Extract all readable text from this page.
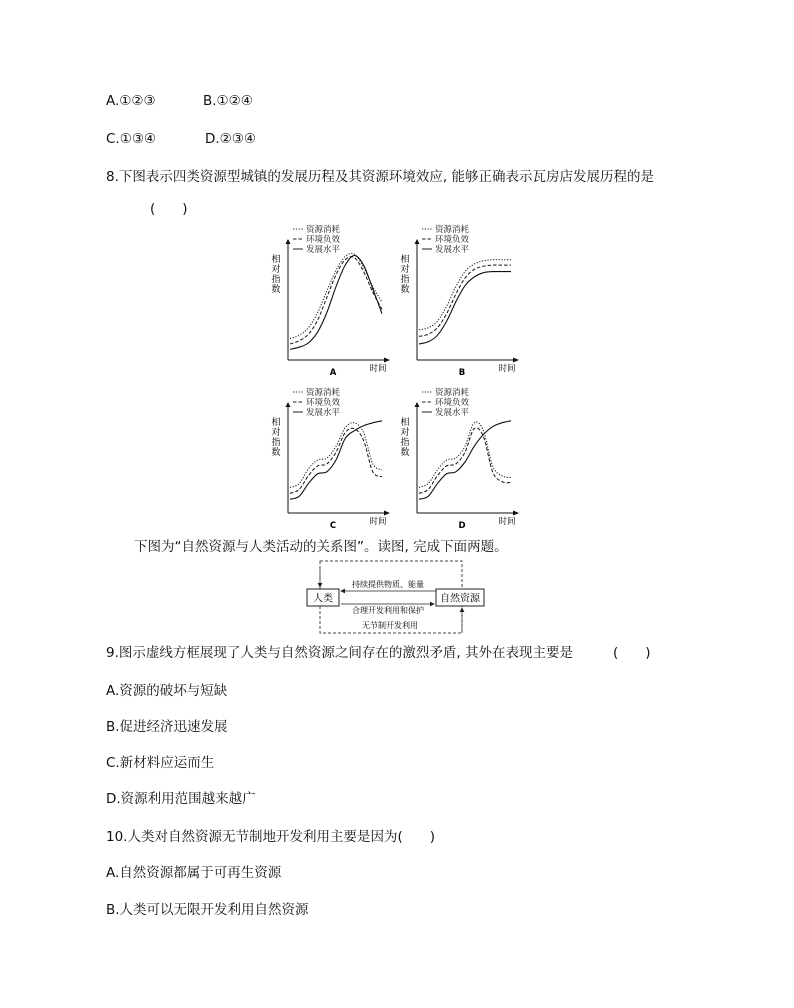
A.①②③	B.①②④
C.①③④	D.②③④
8.下图表示四类资源型城镇的发展历程及其资源环境效应, 能够正确表示瓦房店发展历程的是
(　　)
资源消耗
环境负效
发展水平
相
对
指
数
时间
A
资源消耗
环境负效
发展水平
相
对
指
数
时间
B
资源消耗
环境负效
发展水平
相
对
指
数
时间
C
资源消耗
环境负效
发展水平
相
对
指
数
时间
D
下图为“自然资源与人类活动的关系图”。读图, 完成下面两题。
人类	自然资源
持续提供物质、能量
合理开发利用和保护
无节制开发利用
9.图示虚线方框展现了人类与自然资源之间存在的激烈矛盾, 其外在表现主要是	(　　)
A.资源的破坏与短缺
B.促进经济迅速发展
C.新材料应运而生
D.资源利用范围越来越广
10.人类对自然资源无节制地开发利用主要是因为(　　)
A.自然资源都属于可再生资源
B.人类可以无限开发利用自然资源
